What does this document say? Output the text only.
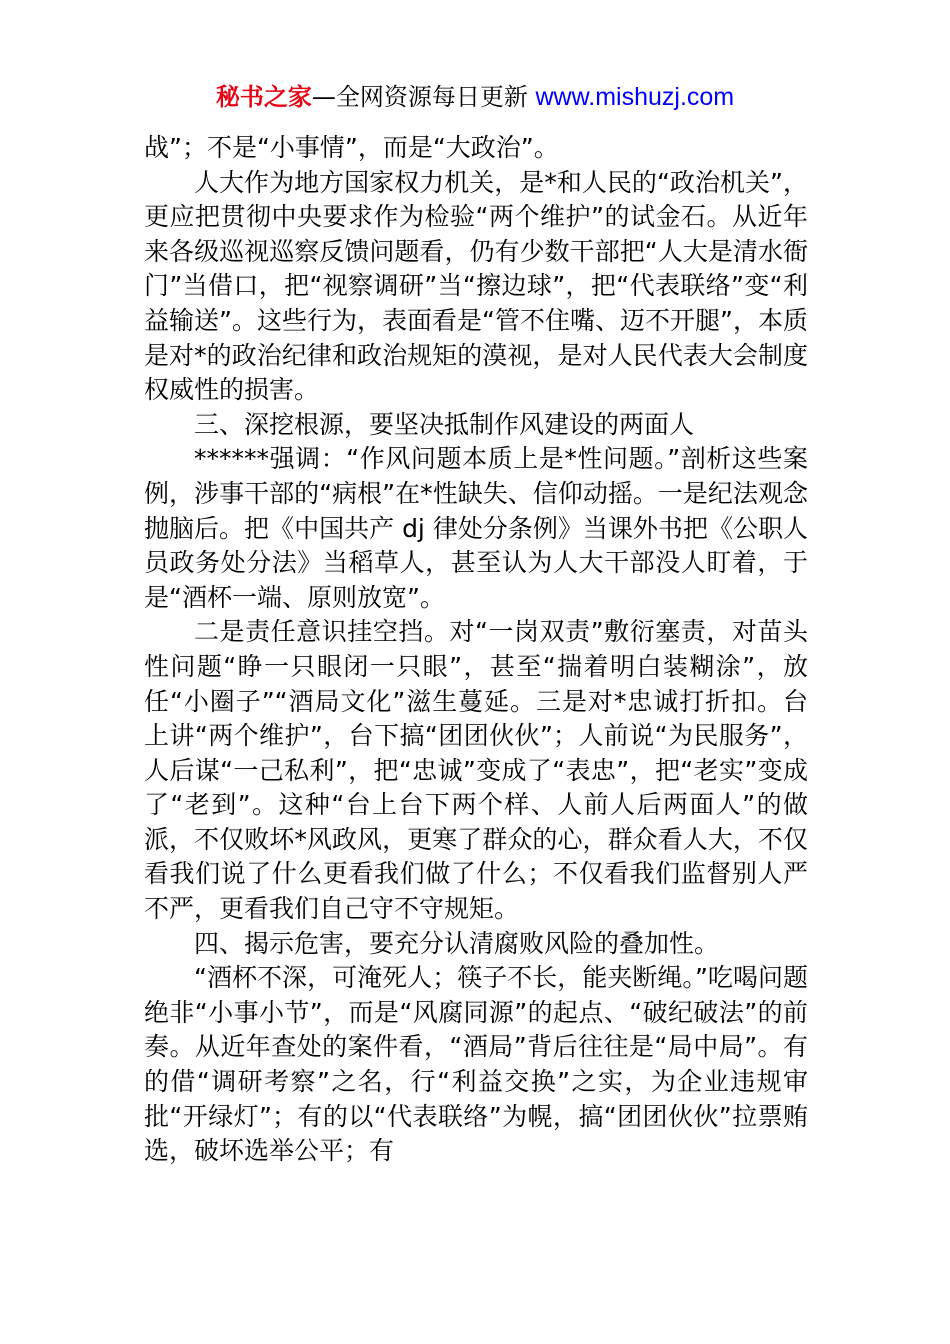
秘书之家—全网资源每日更新 www.mishuzj.com

战”；不是“小事情”，而是“大政治”。

人大作为地方国家权力机关，是*和人民的“政治机关”，更应把贯彻中央要求作为检验“两个维护”的试金石。从近年来各级巡视巡察反馈问题看，仍有少数干部把“人大是清水衙门”当借口，把“视察调研”当“擦边球”，把“代表联络”变“利益输送”。这些行为，表面看是“管不住嘴、迈不开腿”，本质是对*的政治纪律和政治规矩的漠视，是对人民代表大会制度权威性的损害。

三、深挖根源，要坚决抵制作风建设的两面人

******强调：“作风问题本质上是*性问题。”剖析这些案例，涉事干部的“病根”在*性缺失、信仰动摇。一是纪法观念抛脑后。把《中国共产 dj 律处分条例》当课外书把《公职人员政务处分法》当稻草人，甚至认为人大干部没人盯着，于是“酒杯一端、原则放宽”。

二是责任意识挂空挡。对“一岗双责”敷衍塞责，对苗头性问题“睁一只眼闭一只眼”，甚至“揣着明白装糊涂”，放任“小圈子”“酒局文化”滋生蔓延。三是对*忠诚打折扣。台上讲“两个维护”，台下搞“团团伙伙”；人前说“为民服务”，人后谋“一己私利”，把“忠诚”变成了“表忠”，把“老实”变成了“老到”。这种“台上台下两个样、人前人后两面人”的做派，不仅败坏*风政风，更寒了群众的心，群众看人大，不仅看我们说了什么更看我们做了什么；不仅看我们监督别人严不严，更看我们自己守不守规矩。

四、揭示危害，要充分认清腐败风险的叠加性。

“酒杯不深，可淹死人；筷子不长，能夹断绳。”吃喝问题绝非“小事小节”，而是“风腐同源”的起点、“破纪破法”的前奏。从近年查处的案件看，“酒局”背后往往是“局中局”。有的借“调研考察”之名，行“利益交换”之实，为企业违规审批“开绿灯”；有的以“代表联络”为幌，搞“团团伙伙”拉票贿选，破坏选举公平；有
